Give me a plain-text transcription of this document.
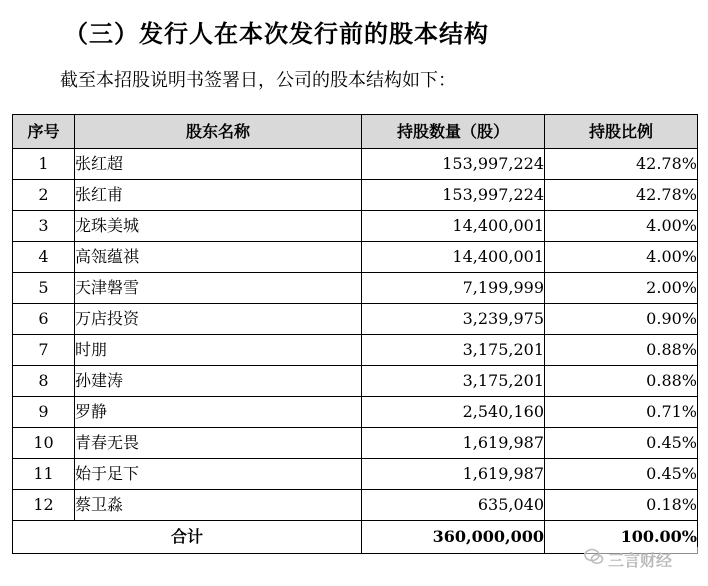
（三）发行人在本次发行前的股本结构
截至本招股说明书签署日，公司的股本结构如下：
序号	股东名称	持股数量（股）	持股比例
1	张红超	153,997,224	42.78%
2	张红甫	153,997,224	42.78%
3	龙珠美城	14,400,001	4.00%
4	高瓴蕴祺	14,400,001	4.00%
5	天津磐雪	7,199,999	2.00%
6	万店投资	3,239,975	0.90%
7	时朋	3,175,201	0.88%
8	孙建涛	3,175,201	0.88%
9	罗静	2,540,160	0.71%
10	青春无畏	1,619,987	0.45%
11	始于足下	1,619,987	0.45%
12	蔡卫淼	635,040	0.18%
合计		360,000,000	100.00%
三言财经
